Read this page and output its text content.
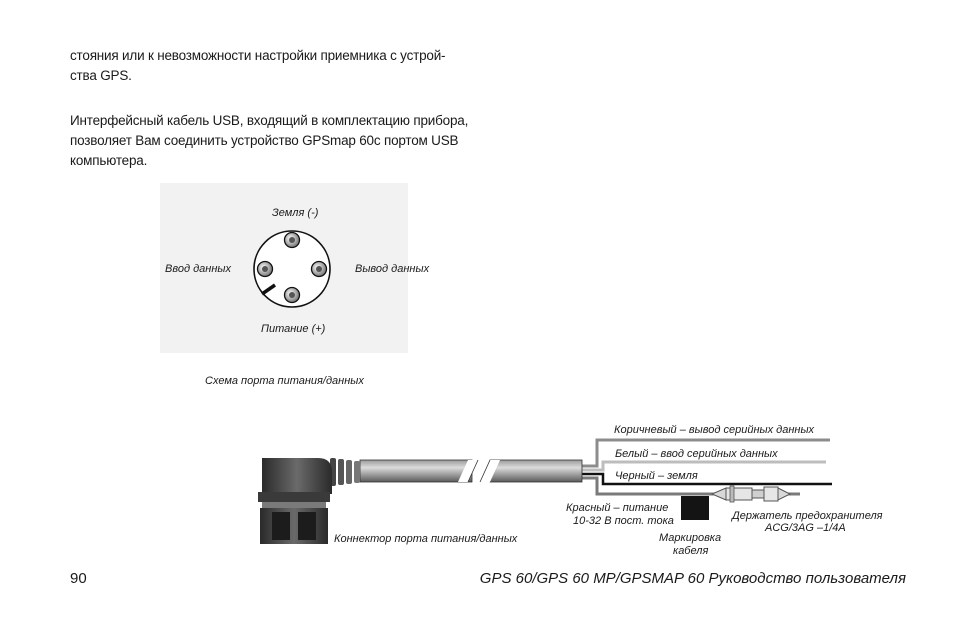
стояния или к невозможности настройки приемника с устрой-
ства GPS.
Интерфейсный кабель USB, входящий в комплектацию прибора,
позволяет Вам соединить устройство GPSmap 60с портом USB
компьютера.
Земля (-)
Ввод данных	Вывод данных
Питание (+)
Схема порта питания/данных
Коричневый – вывод серийных данных
Белый – ввод серийных данных
Черный – земля
Красный – питание
10-32 В пост. тока
Коннектор порта питания/данных	Маркировка
кабеля
Держатель предохранителя
ACG/3AG –1/4A
90	GPS 60/GPS 60 MP/GPSMAP 60 Руководство пользователя
